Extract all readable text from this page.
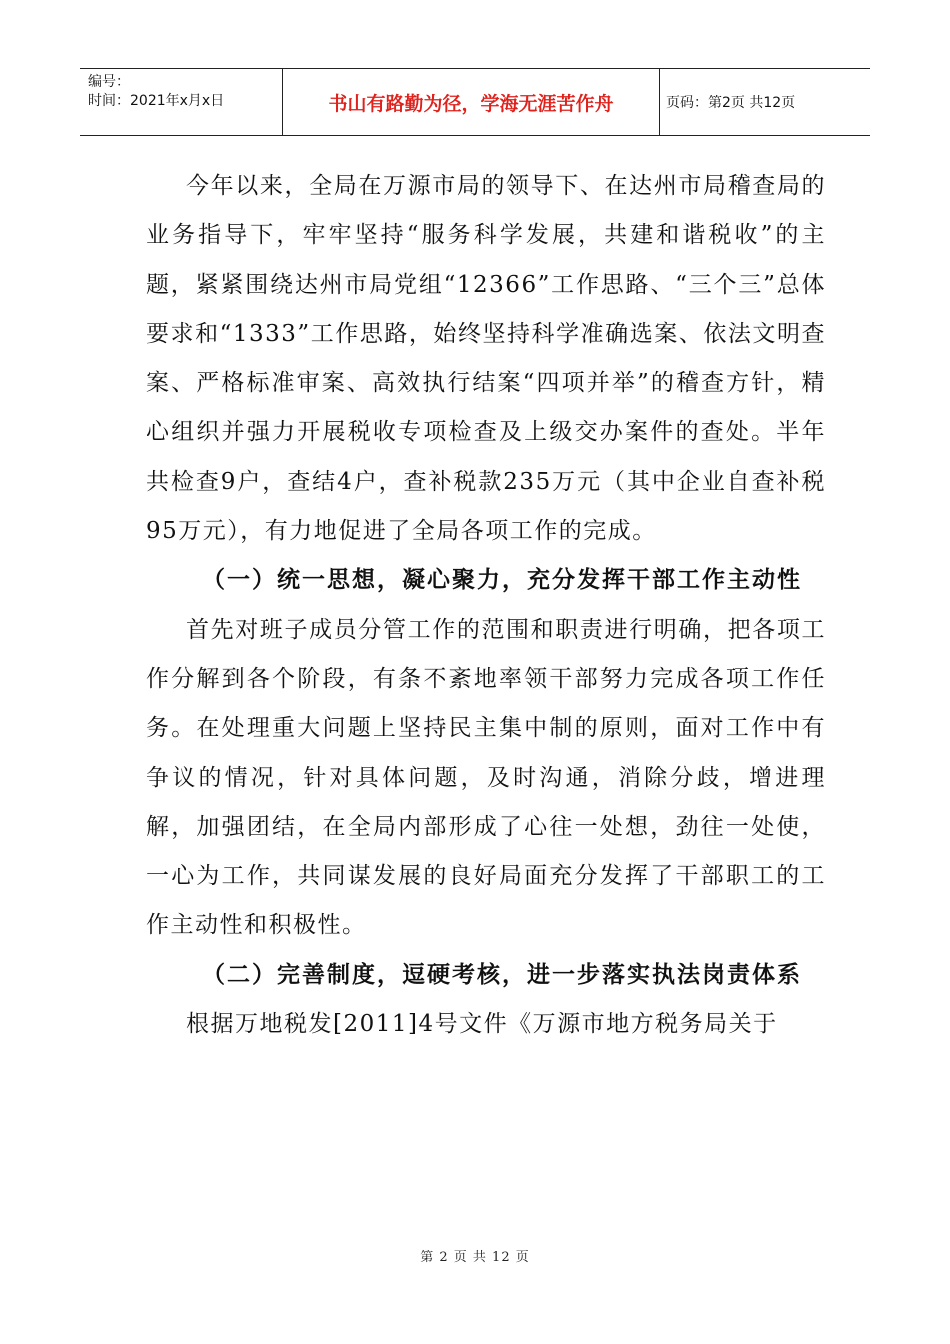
编号：
时间：2021年x月x日	书山有路勤为径，学海无涯苦作舟	页码：第2页 共12页

今年以来，全局在万源市局的领导下、在达州市局稽查局的业务指导下，牢牢坚持“服务科学发展，共建和谐税收”的主题，紧紧围绕达州市局党组“12366”工作思路、“三个三”总体要求和“1333”工作思路，始终坚持科学准确选案、依法文明查案、严格标准审案、高效执行结案“四项并举”的稽查方针，精心组织并强力开展税收专项检查及上级交办案件的查处。半年共检查9户，查结4户，查补税款235万元（其中企业自查补税95万元），有力地促进了全局各项工作的完成。

（一）统一思想，凝心聚力，充分发挥干部工作主动性

首先对班子成员分管工作的范围和职责进行明确，把各项工作分解到各个阶段，有条不紊地率领干部努力完成各项工作任务。在处理重大问题上坚持民主集中制的原则，面对工作中有争议的情况，针对具体问题，及时沟通，消除分歧，增进理解，加强团结，在全局内部形成了心往一处想，劲往一处使，一心为工作，共同谋发展的良好局面充分发挥了干部职工的工作主动性和积极性。

（二）完善制度，逗硬考核，进一步落实执法岗责体系

根据万地税发[2011]4号文件《万源市地方税务局关于

第 2 页 共 12 页
